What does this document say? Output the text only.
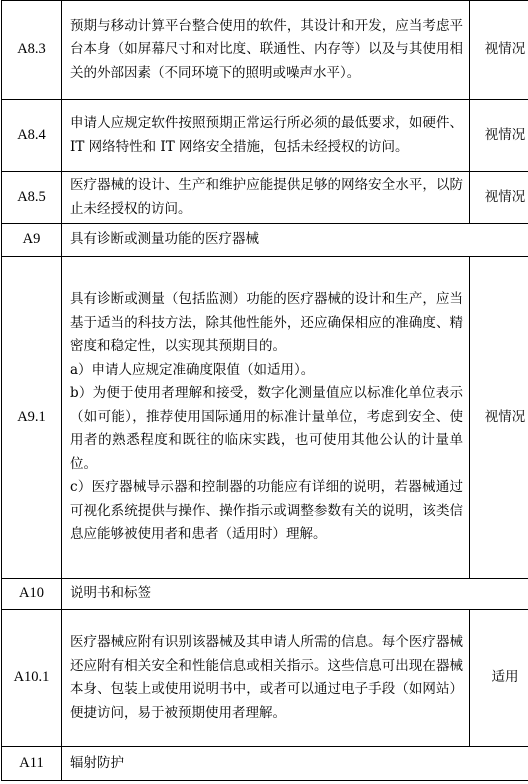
A8.3	预期与移动计算平台整合使用的软件，其设计和开发，应当考虑平台本身（如屏幕尺寸和对比度、联通性、内存等）以及与其使用相关的外部因素（不同环境下的照明或噪声水平）。	视情况
A8.4	申请人应规定软件按照预期正常运行所必须的最低要求，如硬件、IT 网络特性和 IT 网络安全措施，包括未经授权的访问。	视情况
A8.5	医疗器械的设计、生产和维护应能提供足够的网络安全水平，以防止未经授权的访问。	视情况
A9	具有诊断或测量功能的医疗器械	
A9.1	具有诊断或测量（包括监测）功能的医疗器械的设计和生产，应当基于适当的科技方法，除其他性能外，还应确保相应的准确度、精密度和稳定性，以实现其预期目的。
a）申请人应规定准确度限值（如适用）。
b）为便于使用者理解和接受，数字化测量值应以标准化单位表示（如可能），推荐使用国际通用的标准计量单位，考虑到安全、使用者的熟悉程度和既往的临床实践，也可使用其他公认的计量单位。
c）医疗器械导示器和控制器的功能应有详细的说明，若器械通过可视化系统提供与操作、操作指示或调整参数有关的说明，该类信息应能够被使用者和患者（适用时）理解。	视情况
A10	说明书和标签	
A10.1	医疗器械应附有识别该器械及其申请人所需的信息。每个医疗器械还应附有相关安全和性能信息或相关指示。这些信息可出现在器械本身、包装上或使用说明书中，或者可以通过电子手段（如网站）便捷访问，易于被预期使用者理解。	适用
A11	辐射防护	
